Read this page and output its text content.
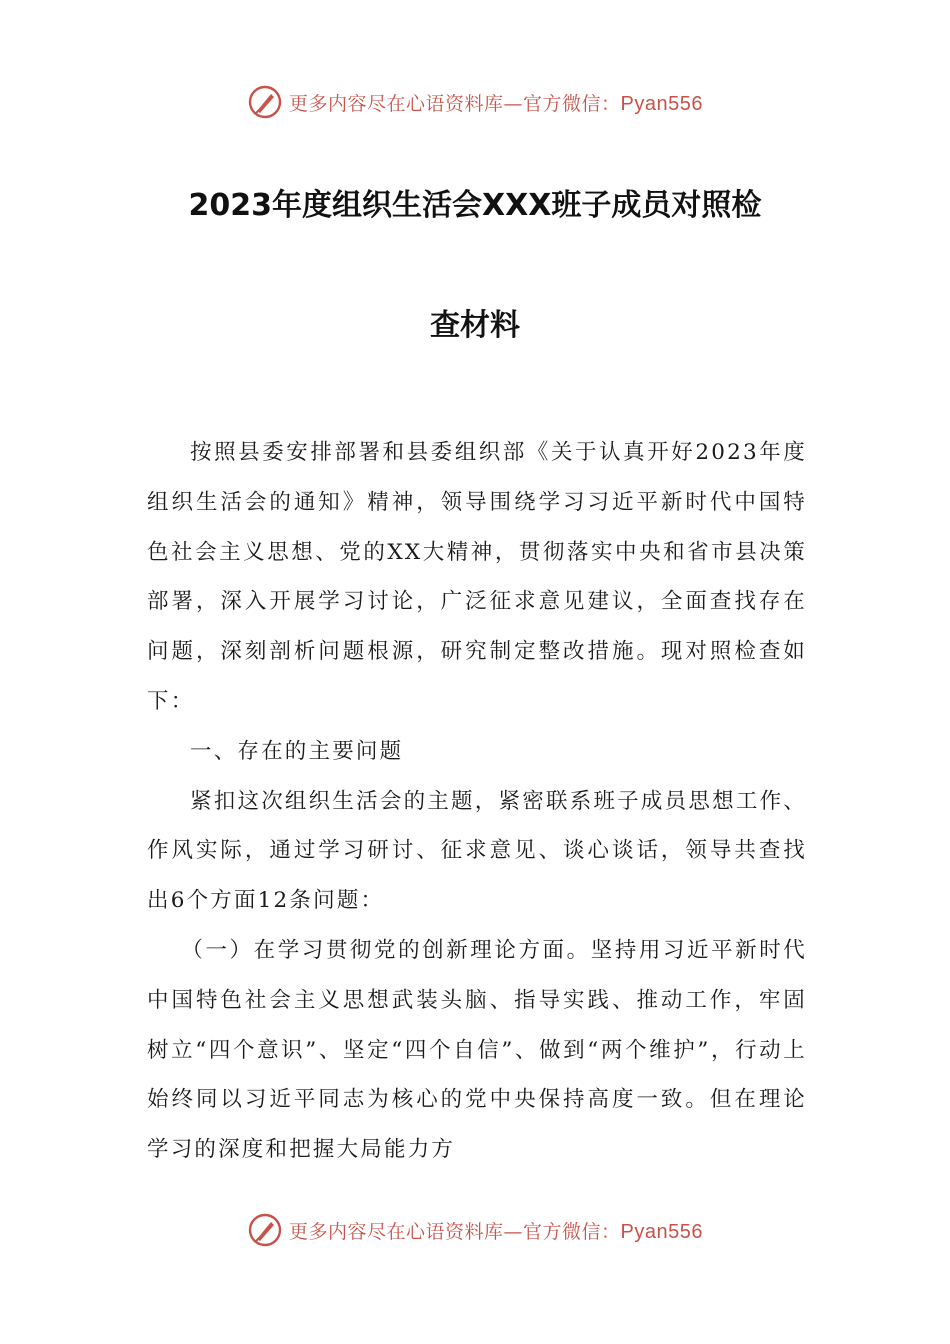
更多内容尽在心语资料库—官方微信：Pyan556
2023年度组织生活会XXX班子成员对照检
查材料

按照县委安排部署和县委组织部《关于认真开好2023年度组织生活会的通知》精神，领导围绕学习习近平新时代中国特色社会主义思想、党的XX大精神，贯彻落实中央和省市县决策部署，深入开展学习讨论，广泛征求意见建议，全面查找存在问题，深刻剖析问题根源，研究制定整改措施。现对照检查如下：

一、存在的主要问题

紧扣这次组织生活会的主题，紧密联系班子成员思想工作、作风实际，通过学习研讨、征求意见、谈心谈话，领导共查找出6个方面12条问题：

（一）在学习贯彻党的创新理论方面。坚持用习近平新时代中国特色社会主义思想武装头脑、指导实践、推动工作，牢固树立“四个意识”、坚定“四个自信”、做到“两个维护”，行动上始终同以习近平同志为核心的党中央保持高度一致。但在理论学习的深度和把握大局能力方

更多内容尽在心语资料库—官方微信：Pyan556
